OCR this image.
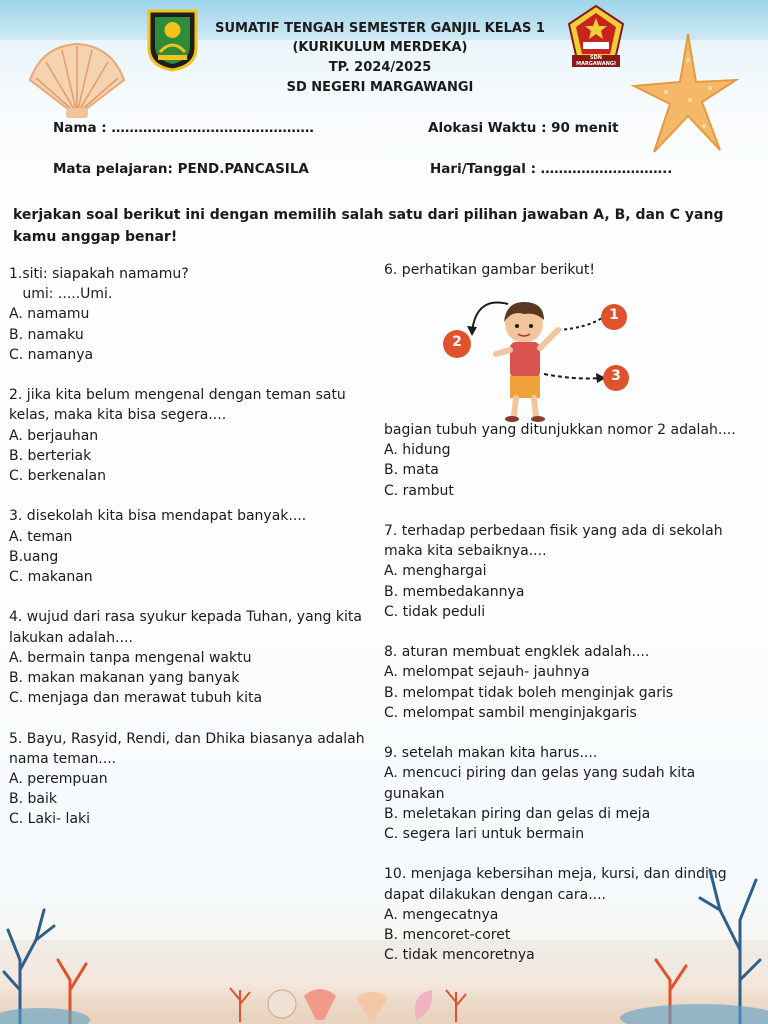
SDN MARGAWANGI
SUMATIF TENGAH SEMESTER GANJIL KELAS 1
(KURIKULUM MERDEKA)
TP. 2024/2025
SD NEGERI MARGAWANGI
Nama : ………………………………………	Alokasi Waktu : 90 menit
Mata pelajaran: PEND.PANCASILA	Hari/Tanggal : ………………………..
kerjakan soal berikut ini dengan memilih salah satu dari pilihan jawaban A, B, dan C yang kamu anggap benar!
1.siti: siapakah namamu?
umi: .....Umi.
A. namamu
B. namaku
C. namanya
2. jika kita belum mengenal dengan teman satu
kelas, maka kita bisa segera....
A. berjauhan
B. berteriak
C. berkenalan
3. disekolah kita bisa mendapat banyak....
A. teman
B.uang
C. makanan
4. wujud dari rasa syukur kepada Tuhan, yang kita
lakukan adalah....
A. bermain tanpa mengenal waktu
B. makan makanan yang banyak
C. menjaga dan merawat tubuh kita
5. Bayu, Rasyid, Rendi, dan Dhika biasanya adalah
nama teman....
A. perempuan
B. baik
C. Laki- laki
6. perhatikan gambar berikut!
1
2
3
bagian tubuh yang ditunjukkan nomor 2 adalah....
A. hidung
B. mata
C. rambut
7. terhadap perbedaan fisik yang ada di sekolah
maka kita sebaiknya....
A. menghargai
B. membedakannya
C. tidak peduli
8. aturan membuat engklek adalah....
A. melompat sejauh- jauhnya
B. melompat tidak boleh menginjak garis
C. melompat sambil menginjakgaris
9. setelah makan kita harus....
A. mencuci piring dan gelas yang sudah kita
gunakan
B. meletakan piring dan gelas di meja
C. segera lari untuk bermain
10. menjaga kebersihan meja, kursi, dan dinding
dapat dilakukan dengan cara....
A. mengecatnya
B. mencoret-coret
C. tidak mencoretnya
